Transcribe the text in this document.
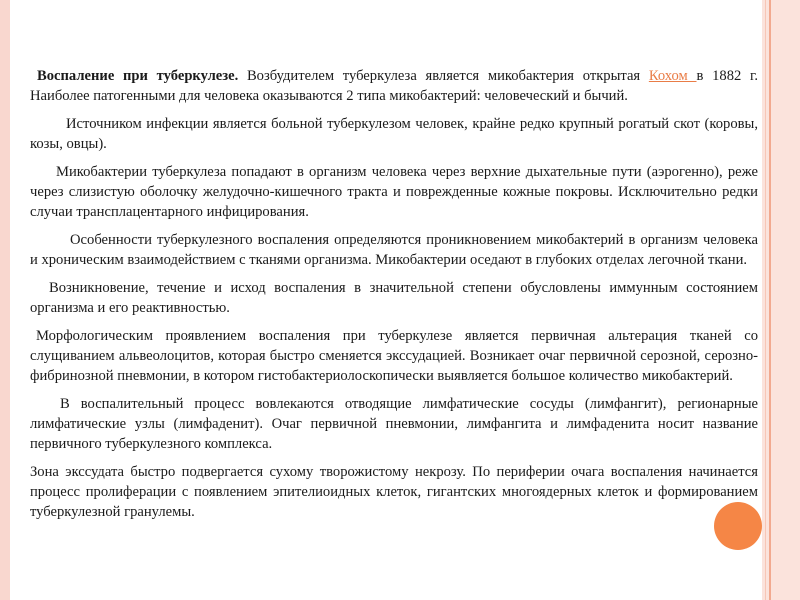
Воспаление при туберкулезе. Возбудителем туберкулеза является микобактерия открытая Кохом в 1882 г. Наиболее патогенными для человека оказываются 2 типа микобактерий: человеческий и бычий.

Источником инфекции является больной туберкулезом человек, крайне редко крупный рогатый скот (коровы, козы, овцы).

Микобактерии туберкулеза попадают в организм человека через верхние дыхательные пути (аэрогенно), реже через слизистую оболочку желудочно-кишечного тракта и поврежденные кожные покровы. Исключительно редки случаи трансплацентарного инфицирования.

Особенности туберкулезного воспаления определяются проникновением микобактерий в организм человека и хроническим взаимодействием с тканями организма. Микобактерии оседают в глубоких отделах легочной ткани.

Возникновение, течение и исход воспаления в значительной степени обусловлены иммунным состоянием организма и его реактивностью.

Морфологическим проявлением воспаления при туберкулезе является первичная альтерация тканей со слущиванием альвеолоцитов, которая быстро сменяется экссудацией. Возникает очаг первичной серозной, серозно-фибринозной пневмонии, в котором гистобактериолоскопически выявляется большое количество микобактерий.

В воспалительный процесс вовлекаются отводящие лимфатические сосуды (лимфангит), регионарные лимфатические узлы (лимфаденит). Очаг первичной пневмонии, лимфангита и лимфаденита носит название первичного туберкулезного комплекса.

Зона экссудата быстро подвергается сухому творожистому некрозу. По периферии очага воспаления начинается процесс пролиферации с появлением эпителиоидных клеток, гигантских многоядерных клеток и формированием туберкулезной гранулемы.
